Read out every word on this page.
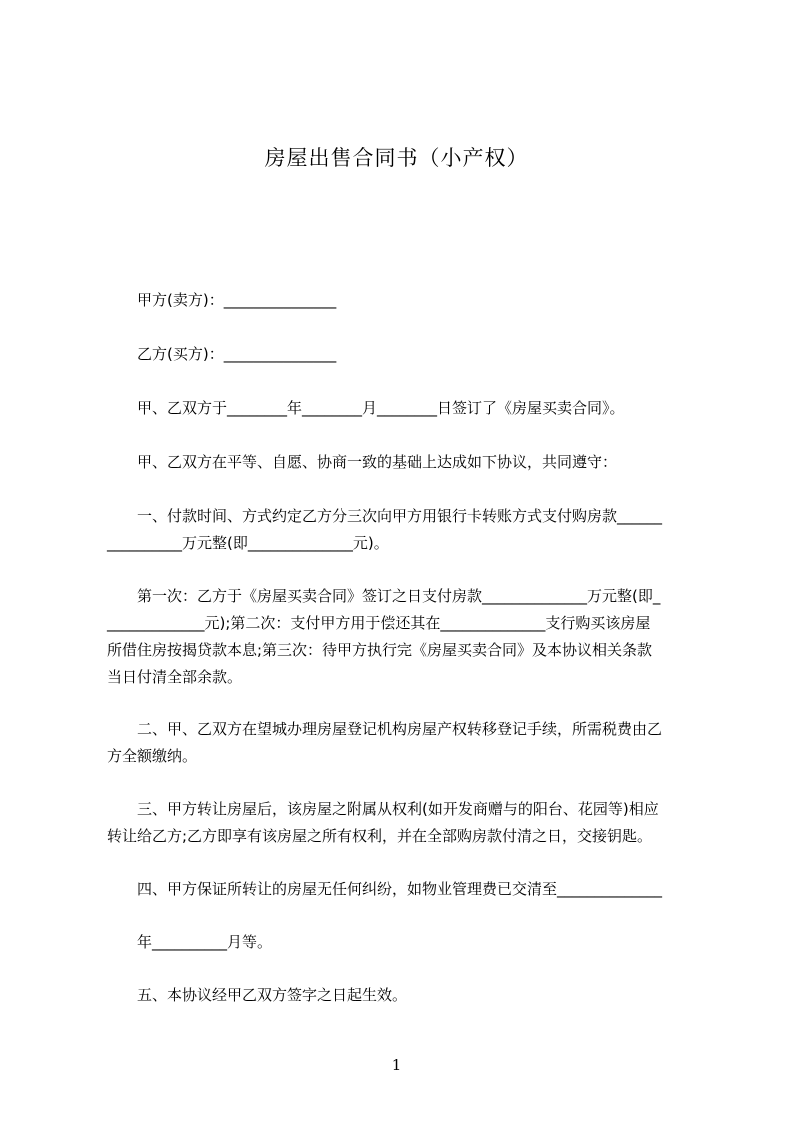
房屋出售合同书（小产权）
甲方(卖方)：_______________
乙方(买方)：_______________
甲、乙双方于________年________月________日签订了《房屋买卖合同》。
甲、乙双方在平等、自愿、协商一致的基础上达成如下协议，共同遵守：
一、付款时间、方式约定乙方分三次向甲方用银行卡转账方式支付购房款______
__________万元整(即______________元)。
第一次：乙方于《房屋买卖合同》签订之日支付房款______________万元整(即_
_____________元);第二次：支付甲方用于偿还其在______________支行购买该房屋
所借住房按揭贷款本息;第三次：待甲方执行完《房屋买卖合同》及本协议相关条款
当日付清全部余款。
二、甲、乙双方在望城办理房屋登记机构房屋产权转移登记手续，所需税费由乙
方全额缴纳。
三、甲方转让房屋后，该房屋之附属从权利(如开发商赠与的阳台、花园等)相应
转让给乙方;乙方即享有该房屋之所有权利，并在全部购房款付清之日，交接钥匙。
四、甲方保证所转让的房屋无任何纠纷，如物业管理费已交清至______________
年__________月等。
五、本协议经甲乙双方签字之日起生效。
1
